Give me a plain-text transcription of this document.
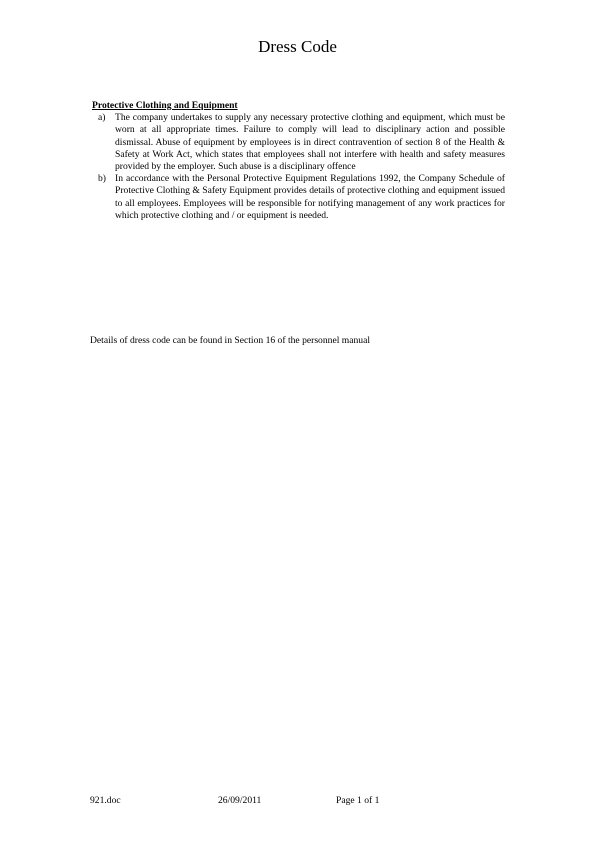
Dress Code

Protective Clothing and Equipment

a) The company undertakes to supply any necessary protective clothing and equipment, which must be worn at all appropriate times. Failure to comply will lead to disciplinary action and possible dismissal. Abuse of equipment by employees is in direct contravention of section 8 of the Health & Safety at Work Act, which states that employees shall not interfere with health and safety measures provided by the employer. Such abuse is a disciplinary offence
b) In accordance with the Personal Protective Equipment Regulations 1992, the Company Schedule of Protective Clothing & Safety Equipment provides details of protective clothing and equipment issued to all employees. Employees will be responsible for notifying management of any work practices for which protective clothing and / or equipment is needed.
Details of dress code can be found in Section 16 of the personnel manual
921.doc	26/09/2011	Page 1 of 1
